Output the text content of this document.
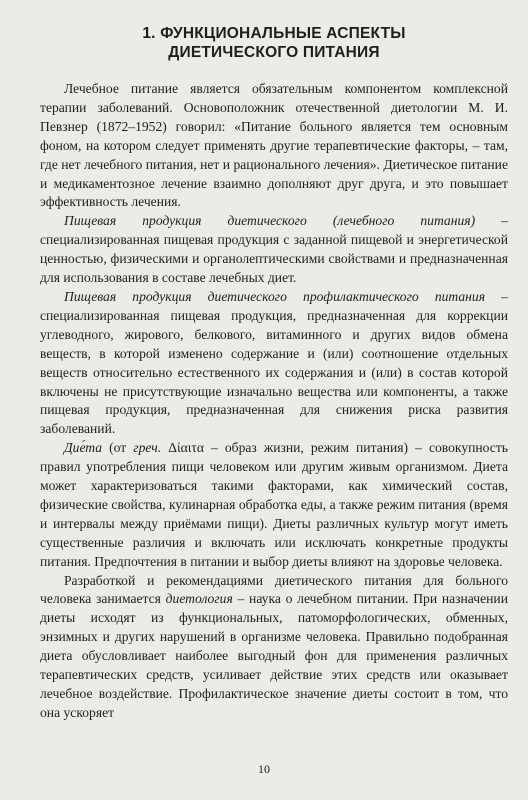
1. ФУНКЦИОНАЛЬНЫЕ АСПЕКТЫ
ДИЕТИЧЕСКОГО ПИТАНИЯ

Лечебное питание является обязательным компонентом комплексной терапии заболеваний. Основоположник отечественной диетологии М. И. Певзнер (1872–1952) говорил: «Питание больного является тем основным фоном, на котором следует применять другие терапевтические факторы, – там, где нет лечебного питания, нет и рационального лечения». Диетическое питание и медикаментозное лечение взаимно дополняют друг друга, и это повышает эффективность лечения.

Пищевая продукция диетического (лечебного питания) – специализированная пищевая продукция с заданной пищевой и энергетической ценностью, физическими и органолептическими свойствами и предназначенная для использования в составе лечебных диет.

Пищевая продукция диетического профилактического питания – специализированная пищевая продукция, предназначенная для коррекции углеводного, жирового, белкового, витаминного и других видов обмена веществ, в которой изменено содержание и (или) соотношение отдельных веществ относительно естественного их содержания и (или) в состав которой включены не присутствующие изначально вещества или компоненты, а также пищевая продукция, предназначенная для снижения риска развития заболеваний.

Дие́та (от греч. Δίαιτα – образ жизни, режим питания) – совокупность правил употребления пищи человеком или другим живым организмом. Диета может характеризоваться такими факторами, как химический состав, физические свойства, кулинарная обработка еды, а также режим питания (время и интервалы между приёмами пищи). Диеты различных культур могут иметь существенные различия и включать или исключать конкретные продукты питания. Предпочтения в питании и выбор диеты влияют на здоровье человека.

Разработкой и рекомендациями диетического питания для больного человека занимается диетология – наука о лечебном питании. При назначении диеты исходят из функциональных, патоморфологических, обменных, энзимных и других нарушений в организме человека. Правильно подобранная диета обусловливает наиболее выгодный фон для применения различных терапевтических средств, усиливает действие этих средств или оказывает лечебное воздействие. Профилактическое значение диеты состоит в том, что она ускоряет

10
